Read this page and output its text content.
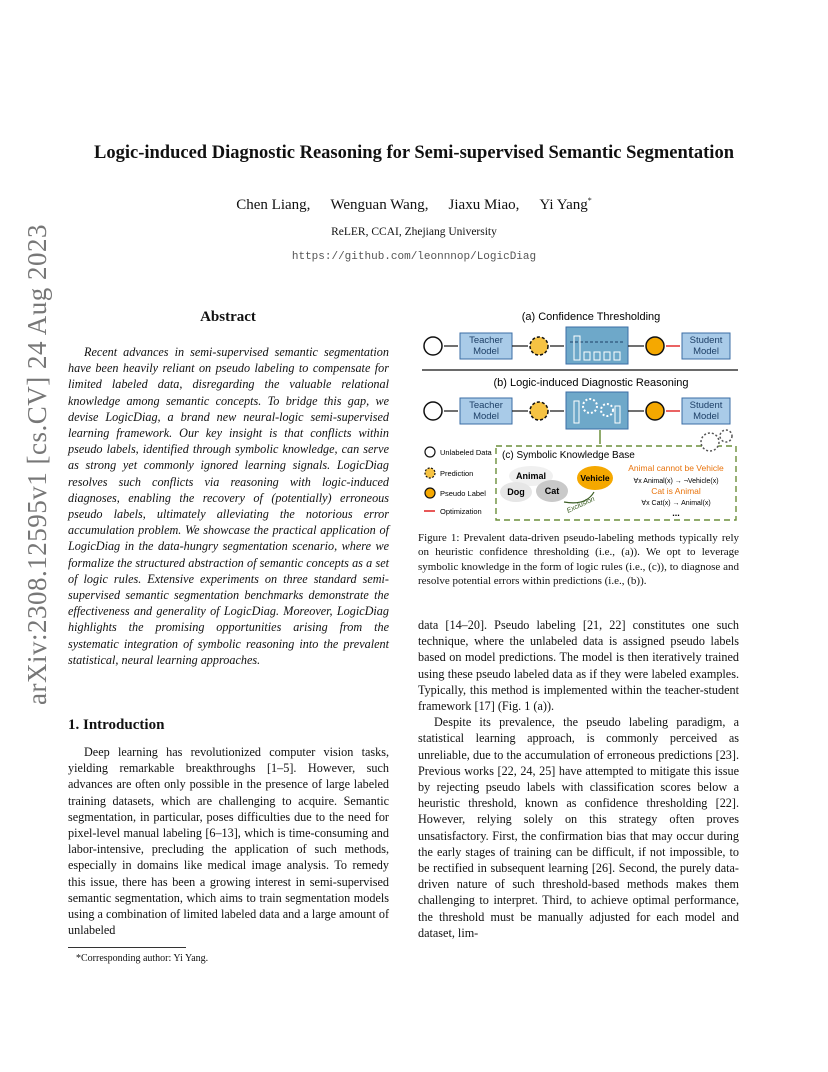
Logic-induced Diagnostic Reasoning for Semi-supervised Semantic Segmentation
Chen Liang, Wenguan Wang, Jiaxu Miao, Yi Yang*
ReLER, CCAI, Zhejiang University
https://github.com/leonnnop/LogicDiag
arXiv:2308.12595v1 [cs.CV] 24 Aug 2023	Abstract
Recent advances in semi-supervised semantic segmentation have been heavily reliant on pseudo labeling to compensate for limited labeled data, disregarding the valuable relational knowledge among semantic concepts. To bridge this gap, we devise LogicDiag, a brand new neural-logic semi-supervised learning framework. Our key insight is that conflicts within pseudo labels, identified through symbolic knowledge, can serve as strong yet commonly ignored learning signals. LogicDiag resolves such conflicts via reasoning with logic-induced diagnoses, enabling the recovery of (potentially) erroneous pseudo labels, ultimately alleviating the notorious error accumulation problem. We showcase the practical application of LogicDiag in the data-hungry segmentation scenario, where we formalize the structured abstraction of semantic concepts as a set of logic rules. Extensive experiments on three standard semi-supervised semantic segmentation benchmarks demonstrate the effectiveness and generality of LogicDiag. Moreover, LogicDiag highlights the promising opportunities arising from the systematic integration of symbolic reasoning into the prevalent statistical, neural learning approaches.
1. Introduction

Deep learning has revolutionized computer vision tasks, yielding remarkable breakthroughs [1–5]. However, such advances are often only possible in the presence of large labeled training datasets, which are challenging to acquire. Semantic segmentation, in particular, poses difficulties due to the need for pixel-level manual labeling [6–13], which is time-consuming and labor-intensive, precluding the application of such methods, especially in domains like medical image analysis. To remedy this issue, there has been a growing interest in semi-supervised semantic segmentation, which aims to train segmentation models using a combination of limited labeled data and a large amount of unlabeled

*Corresponding author: Yi Yang.
(a) Confidence Thresholding
Teacher
Model
Student
Model
(b) Logic-induced Diagnostic Reasoning
Teacher
Model
Student
Model
Unlabeled Data
Prediction
Pseudo Label
Optimization
(c) Symbolic Knowledge Base
Animal
Dog Cat
Vehicle
Exclusion
Animal cannot be Vehicle
∀x Animal(x) → ¬Vehicle(x)
Cat is Animal
∀x Cat(x) → Animal(x)
...
Figure 1: Prevalent data-driven pseudo-labeling methods typically rely on heuristic confidence thresholding (i.e., (a)). We opt to leverage symbolic knowledge in the form of logic rules (i.e., (c)), to diagnose and resolve potential errors within predictions (i.e., (b)).

data [14–20]. Pseudo labeling [21, 22] constitutes one such technique, where the unlabeled data is assigned pseudo labels based on model predictions. The model is then iteratively trained using these pseudo labeled data as if they were labeled examples. Typically, this method is implemented within the teacher-student framework [17] (Fig. 1 (a)).

Despite its prevalence, the pseudo labeling paradigm, a statistical learning approach, is commonly perceived as unreliable, due to the accumulation of erroneous predictions [23]. Previous works [22, 24, 25] have attempted to mitigate this issue by rejecting pseudo labels with classification scores below a heuristic threshold, known as confidence thresholding [22]. However, relying solely on this strategy often proves unsatisfactory. First, the confirmation bias that may occur during the early stages of training can be difficult, if not impossible, to be rectified in subsequent learning [26]. Second, the purely data-driven nature of such threshold-based methods makes them challenging to interpret. Third, to achieve optimal performance, the threshold must be manually adjusted for each model and dataset, lim-
